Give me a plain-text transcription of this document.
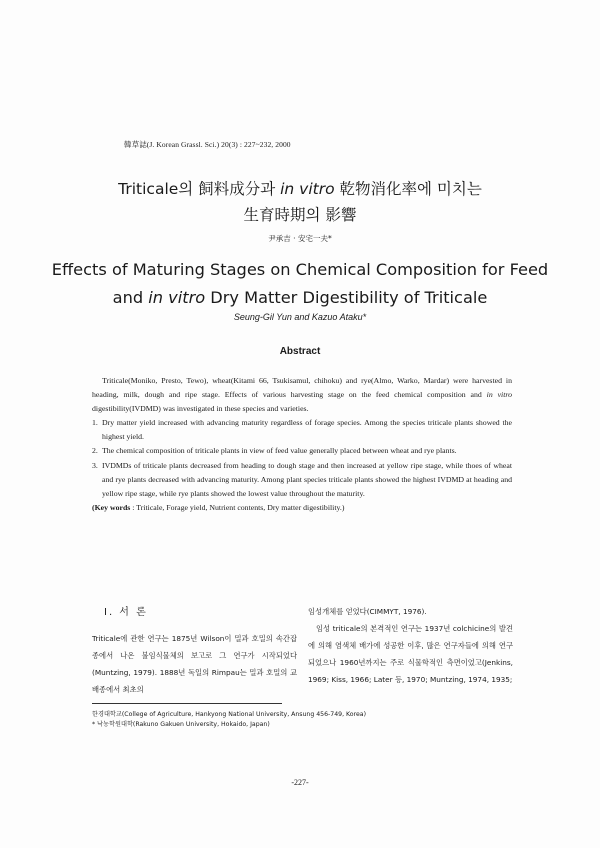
韓草誌(J. Korean Grassl. Sci.) 20(3) : 227~232, 2000
Triticale의 飼料成分과 in vitro 乾物消化率에 미치는
生育時期의 影響
尹承吉 · 安宅一夫*
Effects of Maturing Stages on Chemical Composition for Feed
and in vitro Dry Matter Digestibility of Triticale
Seung-Gil Yun and Kazuo Ataku*
Abstract

Triticale(Moniko, Presto, Tewo), wheat(Kitami 66, Tsukisamul, chihoku) and rye(Almo, Warko, Mardar) were harvested in heading, milk, dough and ripe stage. Effects of various harvesting stage on the feed chemical composition and in vitro digestibility(IVDMD) was investigated in these species and varieties.

1. Dry matter yield increased with advancing maturity regardless of forage species. Among the species triticale plants showed the highest yield.
2. The chemical composition of triticale plants in view of feed value generally placed between wheat and rye plants.
3. IVDMDs of triticale plants decreased from heading to dough stage and then increased at yellow ripe stage, while thoes of wheat and rye plants decreased with advancing maturity. Among plant species triticale plants showed the highest IVDMD at heading and yellow ripe stage, while rye plants showed the lowest value throughout the maturity.

(Key words : Triticale, Forage yield, Nutrient contents, Dry matter digestibility.)

Ⅰ. 서 론

Triticale에 관한 연구는 1875년 Wilson이 밀과 호밀의 속간잡종에서 나온 불임식물체의 보고로 그 연구가 시작되었다(Muntzing, 1979). 1888년 독일의 Rimpau는 밀과 호밀의 교배종에서 최초의

임성개체를 얻었다(CIMMYT, 1976).

임성 triticale의 본격적인 연구는 1937년 colchicine의 발견에 의해 염색체 배가에 성공한 이후, 많은 연구자들에 의해 연구되었으나 1960년까지는 주로 식물학적인 측면이었고(Jenkins, 1969; Kiss, 1966; Later 등, 1970; Muntzing, 1974, 1935;

한경대학교(College of Agriculture, Hankyong National University, Ansung 456-749, Korea)
* 낙농학원대학(Rakuno Gakuen University, Hokaido, Japan)
-227-
